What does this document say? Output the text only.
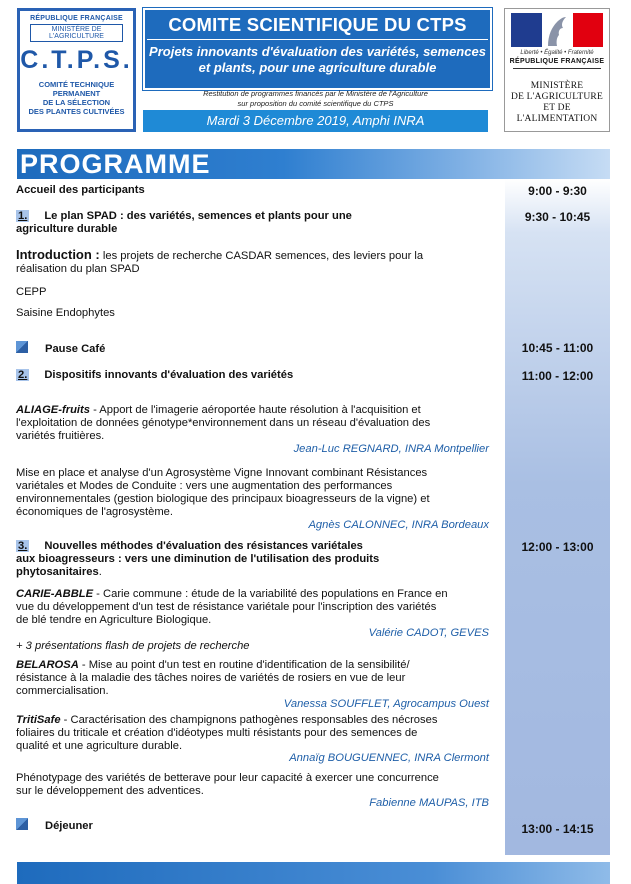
RÉPUBLIQUE FRANÇAISE
MINISTÈRE DE L'AGRICULTURE
C.T.P.S.
COMITÉ TECHNIQUE
PERMANENT
DE LA SÉLECTION
DES PLANTES CULTIVÉES
COMITE SCIENTIFIQUE DU CTPS
Projets innovants d'évaluation des variétés, semences
et plants, pour une agriculture durable
Restitution de programmes financés par le Ministère de l'Agriculture
sur proposition du comité scientifique du CTPS
Mardi 3 Décembre 2019, Amphi INRA
Liberté • Égalité • Fraternité
RÉPUBLIQUE FRANÇAISE
MINISTÈRE
DE L'AGRICULTURE
ET DE
L'ALIMENTATION
PROGRAMME
Accueil des participants	9:00 - 9:30
1. Le plan SPAD : des variétés, semences et plants pour une
agriculture durable
9:30 - 10:45
Introduction : les projets de recherche CASDAR semences, des leviers pour la
réalisation du plan SPAD
CEPP
Saisine Endophytes
Pause Café	10:45 - 11:00
2. Dispositifs innovants d'évaluation des variétés	11:00 - 12:00
ALIAGE-fruits - Apport de l'imagerie aéroportée haute résolution à l'acquisition et
l'exploitation de données génotype*environnement dans un réseau d'évaluation des
variétés fruitières.
Jean-Luc REGNARD, INRA Montpellier
Mise en place et analyse d'un Agrosystème Vigne Innovant combinant Résistances
variétales et Modes de Conduite : vers une augmentation des performances
environnementales (gestion biologique des principaux bioagresseurs de la vigne) et
économiques de l'agrosystème.
Agnès CALONNEC, INRA Bordeaux
3. Nouvelles méthodes d'évaluation des résistances variétales
aux bioagresseurs : vers une diminution de l'utilisation des produits
phytosanitaires.
12:00 - 13:00
CARIE-ABBLE - Carie commune : étude de la variabilité des populations en France en
vue du développement d'un test de résistance variétale pour l'inscription des variétés
de blé tendre en Agriculture Biologique.
Valérie CADOT, GEVES
+ 3 présentations flash de projets de recherche
BELAROSA - Mise au point d'un test en routine d'identification de la sensibilité/
résistance à la maladie des tâches noires de variétés de rosiers en vue de leur
commercialisation.
Vanessa SOUFFLET, Agrocampus Ouest
TritiSafe - Caractérisation des champignons pathogènes responsables des nécroses
foliaires du triticale et création d'idéotypes multi résistants pour des semences de
qualité et une agriculture durable.
Annaïg BOUGUENNEC, INRA Clermont
Phénotypage des variétés de betterave pour leur capacité à exercer une concurrence
sur le développement des adventices.
Fabienne MAUPAS, ITB
Déjeuner	13:00 - 14:15
